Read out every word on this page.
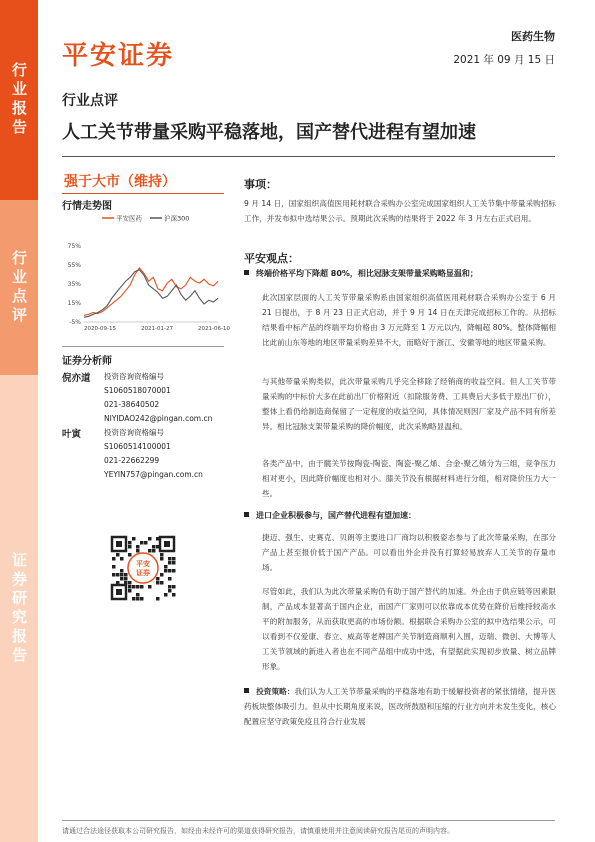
行业报告
行业点评
证券研究报告
平安证券
医药生物
2021 年 09 月 15 日
行业点评
人工关节带量采购平稳落地，国产替代进程有望加速
强于大市（维持）
行情走势图
平安医药	沪深300
75%
55%
35%
15%
-5%
2020-09-15	2021-01-27	2021-06-10
证券分析师
倪亦道	投资咨询资格编号
S1060518070001
021-38640502
NIYIDAO242@pingan.com.cn
叶寅	投资咨询资格编号
S1060514100001
021-22662299
YEYIN757@pingan.com.cn
平安
证券
事项：
9 月 14 日，国家组织高值医用耗材联合采购办公室完成国家组织人工关节集中带量采购招标工作，并发布拟中选结果公示。预期此次采购的结果将于 2022 年 3 月左右正式启用。
平安观点：
终端价格平均下降超 80%，相比冠脉支架带量采购略显温和；
此次国家层面的人工关节带量采购系由国家组织高值医用耗材联合采购办公室于 6 月 21 日提出，于 8 月 23 日正式启动，并于 9 月 14 日在天津完成招标工作的。从招标结果看中标产品的终端平均价格由 3 万元降至 1 万元以内，降幅超 80%。整体降幅相比此前山东等地的地区带量采购差异不大，而略好于浙江、安徽等地的地区带量采购。
与其他带量采购类似，此次带量采购几乎完全移除了经销商的收益空间。但人工关节带量采购的中标价大多在此前出厂价格附近（扣除服务费、工具费后大多低于原出厂价），整体上看仍给制造商保留了一定程度的收益空间，具体情况则因厂家及产品不同有所差异。相比冠脉支架带量采购的降价幅度，此次采购略显温和。
各类产品中，由于髋关节按陶瓷-陶瓷、陶瓷-聚乙烯、合金-聚乙烯分为三组，竞争压力相对更小，因此降价幅度也相对小。膝关节没有根据材料进行分组，相对降价压力大一些。
进口企业积极参与，国产替代进程有望加速：
捷迈、强生、史赛克、贝朗等主要进口厂商均以积极姿态参与了此次带量采购，在部分产品上甚至报价低于国产产品。可以看出外企并没有打算轻易放弃人工关节的存量市场。
尽管如此，我们认为此次带量采购仍有助于国产替代的加速。外企由于供应链等因素限制，产品成本显著高于国内企业，而国产厂家则可以依靠成本优势在降价后维持较高水平的附加服务，从而获取更高的市场份额。根据联合采购办公室的拟中选结果公示，可以看到不仅爱康、春立、威高等老牌国产关节制造商顺利入围，迈瑞、微创、大博等人工关节领域的新进入者也在不同产品组中成功中选，有望据此实现初步放量、树立品牌形象。
投资策略：我们认为人工关节带量采购的平稳落地有助于缓解投资者的紧张情绪，提升医药板块整体吸引力。但从中长期角度来说，医改所鼓励和压缩的行业方向并未发生变化，核心配置应坚守政策免疫且符合行业发展
请通过合法途径获取本公司研究报告，如经由未经许可的渠道获得研究报告，请慎重使用并注意阅读研究报告尾页的声明内容。
